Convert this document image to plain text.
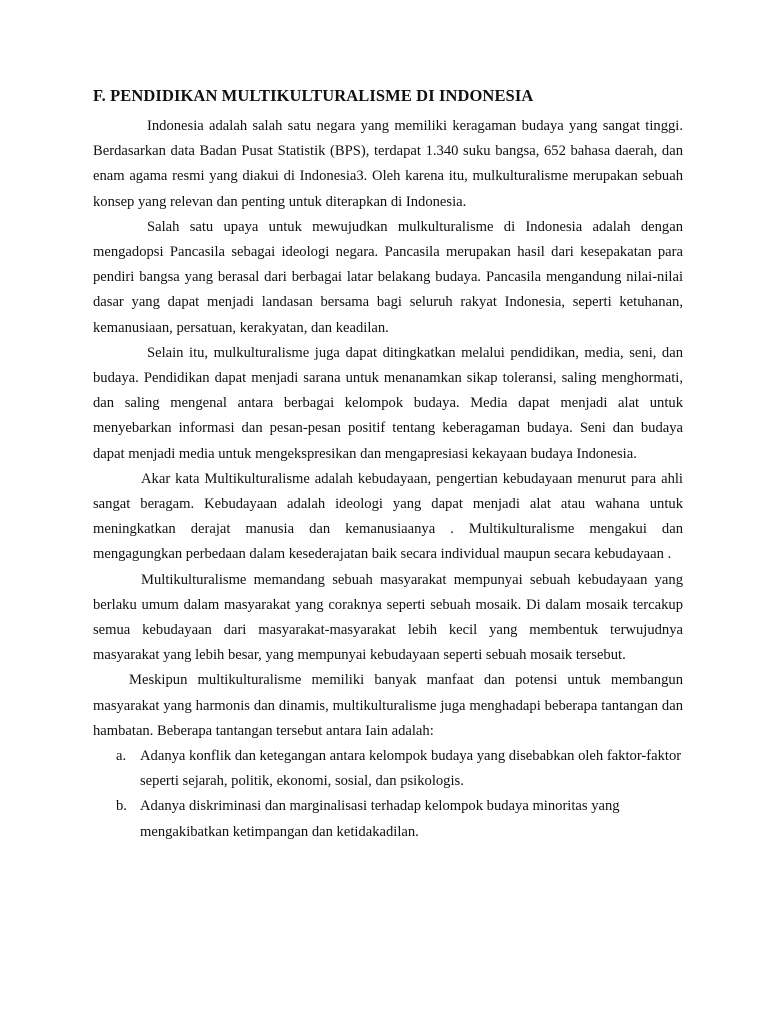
F. PENDIDIKAN MULTIKULTURALISME DI INDONESIA

Indonesia adalah salah satu negara yang memiliki keragaman budaya yang sangat tinggi. Berdasarkan data Badan Pusat Statistik (BPS), terdapat 1.340 suku bangsa, 652 bahasa daerah, dan enam agama resmi yang diakui di Indonesia3. Oleh karena itu, mulkulturalisme merupakan sebuah konsep yang relevan dan penting untuk diterapkan di Indonesia.

Salah satu upaya untuk mewujudkan mulkulturalisme di Indonesia adalah dengan mengadopsi Pancasila sebagai ideologi negara. Pancasila merupakan hasil dari kesepakatan para pendiri bangsa yang berasal dari berbagai latar belakang budaya. Pancasila mengandung nilai-nilai dasar yang dapat menjadi landasan bersama bagi seluruh rakyat Indonesia, seperti ketuhanan, kemanusiaan, persatuan, kerakyatan, dan keadilan.

Selain itu, mulkulturalisme juga dapat ditingkatkan melalui pendidikan, media, seni, dan budaya. Pendidikan dapat menjadi sarana untuk menanamkan sikap toleransi, saling menghormati, dan saling mengenal antara berbagai kelompok budaya. Media dapat menjadi alat untuk menyebarkan informasi dan pesan-pesan positif tentang keberagaman budaya. Seni dan budaya dapat menjadi media untuk mengekspresikan dan mengapresiasi kekayaan budaya Indonesia.

Akar kata Multikulturalisme adalah kebudayaan, pengertian kebudayaan menurut para ahli sangat beragam. Kebudayaan adalah ideologi yang dapat menjadi alat atau wahana untuk meningkatkan derajat manusia dan kemanusiaanya . Multikulturalisme mengakui dan mengagungkan perbedaan dalam kesederajatan baik secara individual maupun secara kebudayaan .

Multikulturalisme memandang sebuah masyarakat mempunyai sebuah kebudayaan yang berlaku umum dalam masyarakat yang coraknya seperti sebuah mosaik. Di dalam mosaik tercakup semua kebudayaan dari masyarakat-masyarakat lebih kecil yang membentuk terwujudnya masyarakat yang lebih besar, yang mempunyai kebudayaan seperti sebuah mosaik tersebut.

Meskipun multikulturalisme memiliki banyak manfaat dan potensi untuk membangun masyarakat yang harmonis dan dinamis, multikulturalisme juga menghadapi beberapa tantangan dan hambatan. Beberapa tantangan tersebut antara Iain adalah:

a. Adanya konflik dan ketegangan antara kelompok budaya yang disebabkan oleh faktor-faktor seperti sejarah, politik, ekonomi, sosial, dan psikologis.
b. Adanya diskriminasi dan marginalisasi terhadap kelompok budaya minoritas yang mengakibatkan ketimpangan dan ketidakadilan.
